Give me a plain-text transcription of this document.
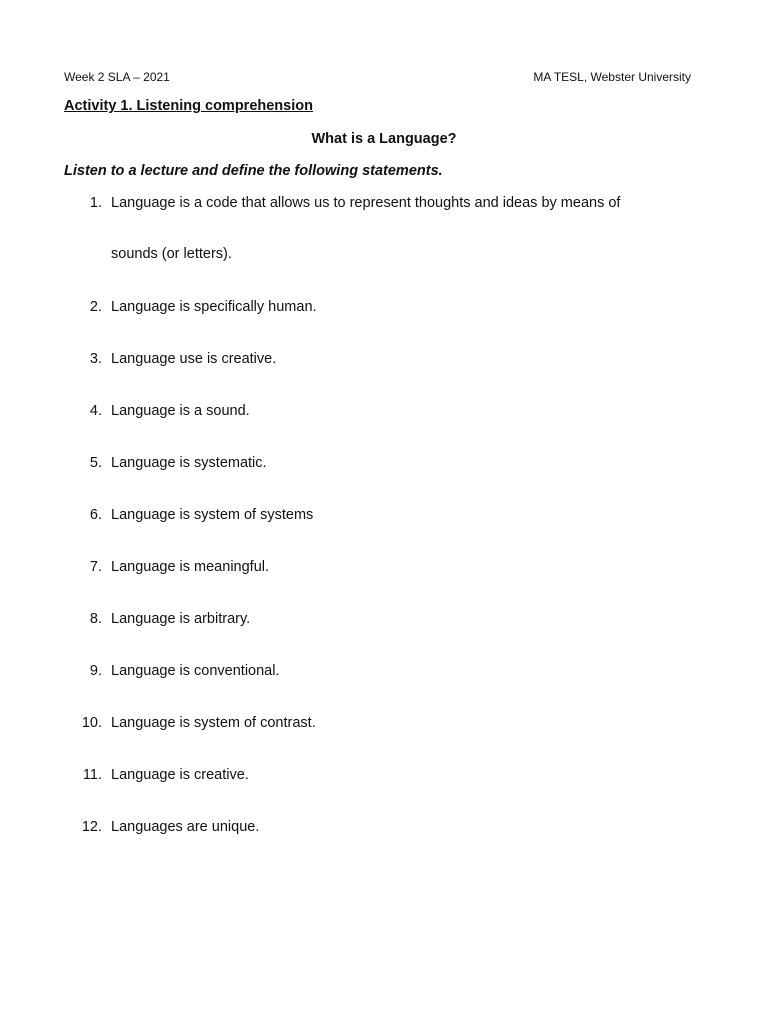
Week 2 SLA – 2021	MA TESL, Webster University
Activity 1. Listening comprehension
What is a Language?
Listen to a lecture and define the following statements.
1. Language is a code that allows us to represent thoughts and ideas by means of
sounds (or letters).
2. Language is specifically human.
3. Language use is creative.
4. Language is a sound.
5. Language is systematic.
6. Language is system of systems
7. Language is meaningful.
8. Language is arbitrary.
9. Language is conventional.
10. Language is system of contrast.
11. Language is creative.
12. Languages are unique.
